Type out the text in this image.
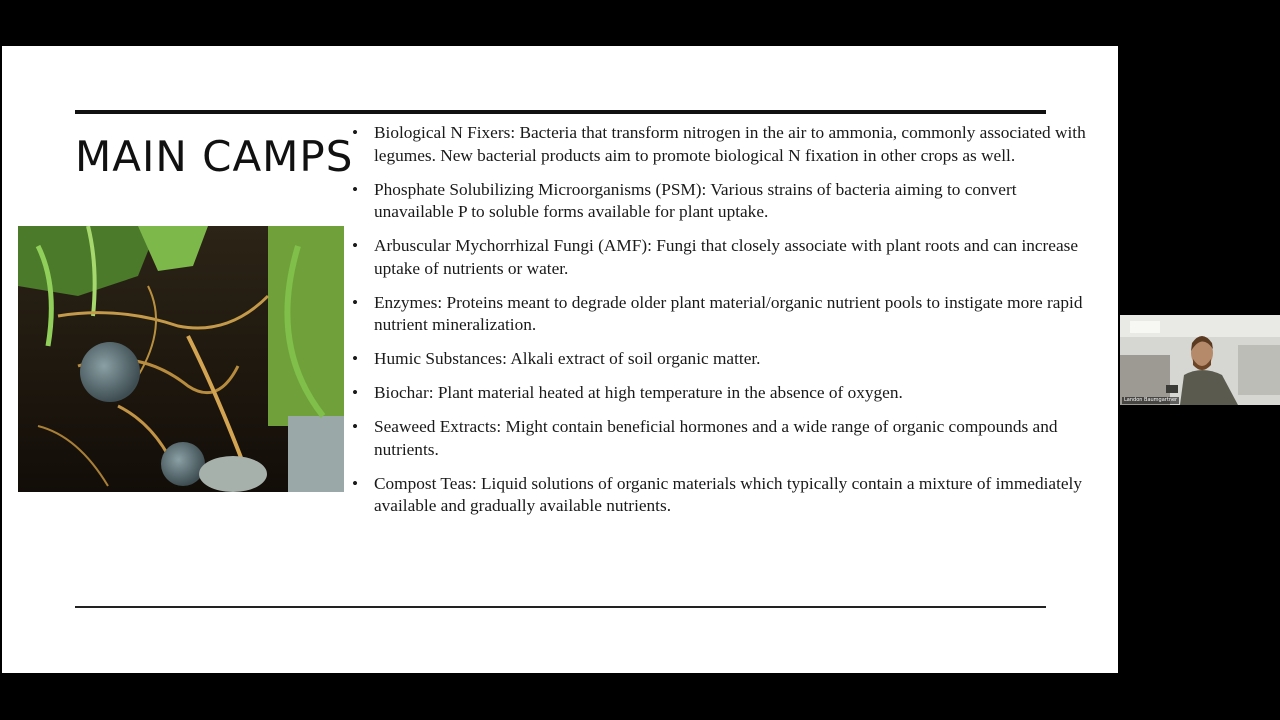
MAIN CAMPS
• Biological N Fixers: Bacteria that transform nitrogen in the air to ammonia, commonly associated with legumes. New bacterial products aim to promote biological N fixation in other crops as well.
• Phosphate Solubilizing Microorganisms (PSM): Various strains of bacteria aiming to convert unavailable P to soluble forms available for plant uptake.
• Arbuscular Mychorrhizal Fungi (AMF): Fungi that closely associate with plant roots and can increase uptake of nutrients or water.
• Enzymes: Proteins meant to degrade older plant material/organic nutrient pools to instigate more rapid nutrient mineralization.
• Humic Substances: Alkali extract of soil organic matter.
• Biochar: Plant material heated at high temperature in the absence of oxygen.
• Seaweed Extracts: Might contain beneficial hormones and a wide range of organic compounds and nutrients.
• Compost Teas: Liquid solutions of organic materials which typically contain a mixture of immediately available and gradually available nutrients.
Landon Baumgartner
